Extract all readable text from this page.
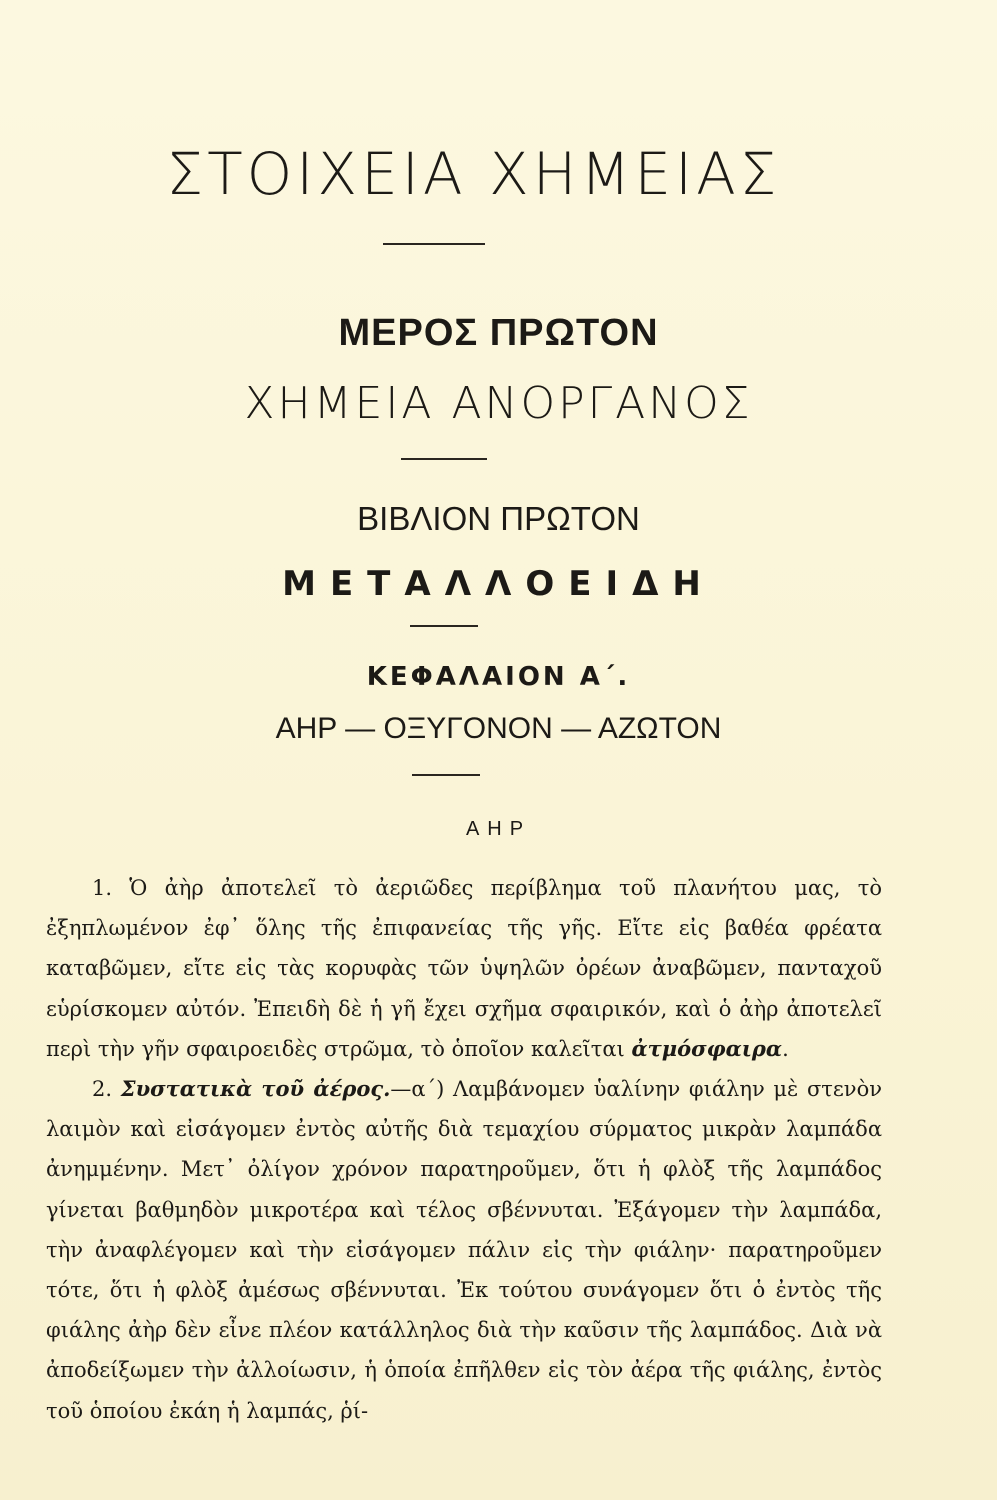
ΣΤΟΙΧΕΙΑ ΧΗΜΕΙΑΣ
ΜΕΡΟΣ ΠΡΩΤΟΝ
ΧΗΜΕΙΑ ΑΝΟΡΓΑΝΟΣ
ΒΙΒΛΙΟΝ ΠΡΩΤΟΝ
ΜΕΤΑΛΛΟΕΙΔΗ
ΚΕΦΑΛΑΙΟΝ Α΄.
ΑΗΡ — ΟΞΥΓΟΝΟΝ — ΑΖΩΤΟΝ
ΑΗΡ

1. Ὁ ἀὴρ ἀποτελεῖ τὸ ἀεριῶδες περίβλημα τοῦ πλανήτου μας, τὸ ἐξηπλωμένον ἐφ᾽ ὅλης τῆς ἐπιφανείας τῆς γῆς. Εἴτε εἰς βαθέα φρέατα καταβῶμεν, εἴτε εἰς τὰς κορυφὰς τῶν ὑψηλῶν ὀρέων ἀναβῶμεν, πανταχοῦ εὑρίσκομεν αὐτόν. Ἐπειδὴ δὲ ἡ γῆ ἔχει σχῆμα σφαιρικόν, καὶ ὁ ἀὴρ ἀποτελεῖ περὶ τὴν γῆν σφαιροειδὲς στρῶμα, τὸ ὁποῖον καλεῖται ἀτμόσφαιρα.

2. Συστατικὰ τοῦ ἀέρος.—α΄) Λαμβάνομεν ὑαλίνην φιάλην μὲ στενὸν λαιμὸν καὶ εἰσάγομεν ἐντὸς αὐτῆς διὰ τεμαχίου σύρματος μικρὰν λαμπάδα ἀνημμένην. Μετ᾽ ὀλίγον χρόνον παρατηροῦμεν, ὅτι ἡ φλὸξ τῆς λαμπάδος γίνεται βαθμηδὸν μικροτέρα καὶ τέλος σβέννυται. Ἐξάγομεν τὴν λαμπάδα, τὴν ἀναφλέγομεν καὶ τὴν εἰσάγομεν πάλιν εἰς τὴν φιάλην· παρατηροῦμεν τότε, ὅτι ἡ φλὸξ ἀμέσως σβέννυται. Ἐκ τούτου συνάγομεν ὅτι ὁ ἐντὸς τῆς φιάλης ἀὴρ δὲν εἶνε πλέον κατάλληλος διὰ τὴν καῦσιν τῆς λαμπάδος. Διὰ νὰ ἀποδείξωμεν τὴν ἀλλοίωσιν, ἡ ὁποία ἐπῆλθεν εἰς τὸν ἀέρα τῆς φιάλης, ἐντὸς τοῦ ὁποίου ἐκάη ἡ λαμπάς, ῥί-
